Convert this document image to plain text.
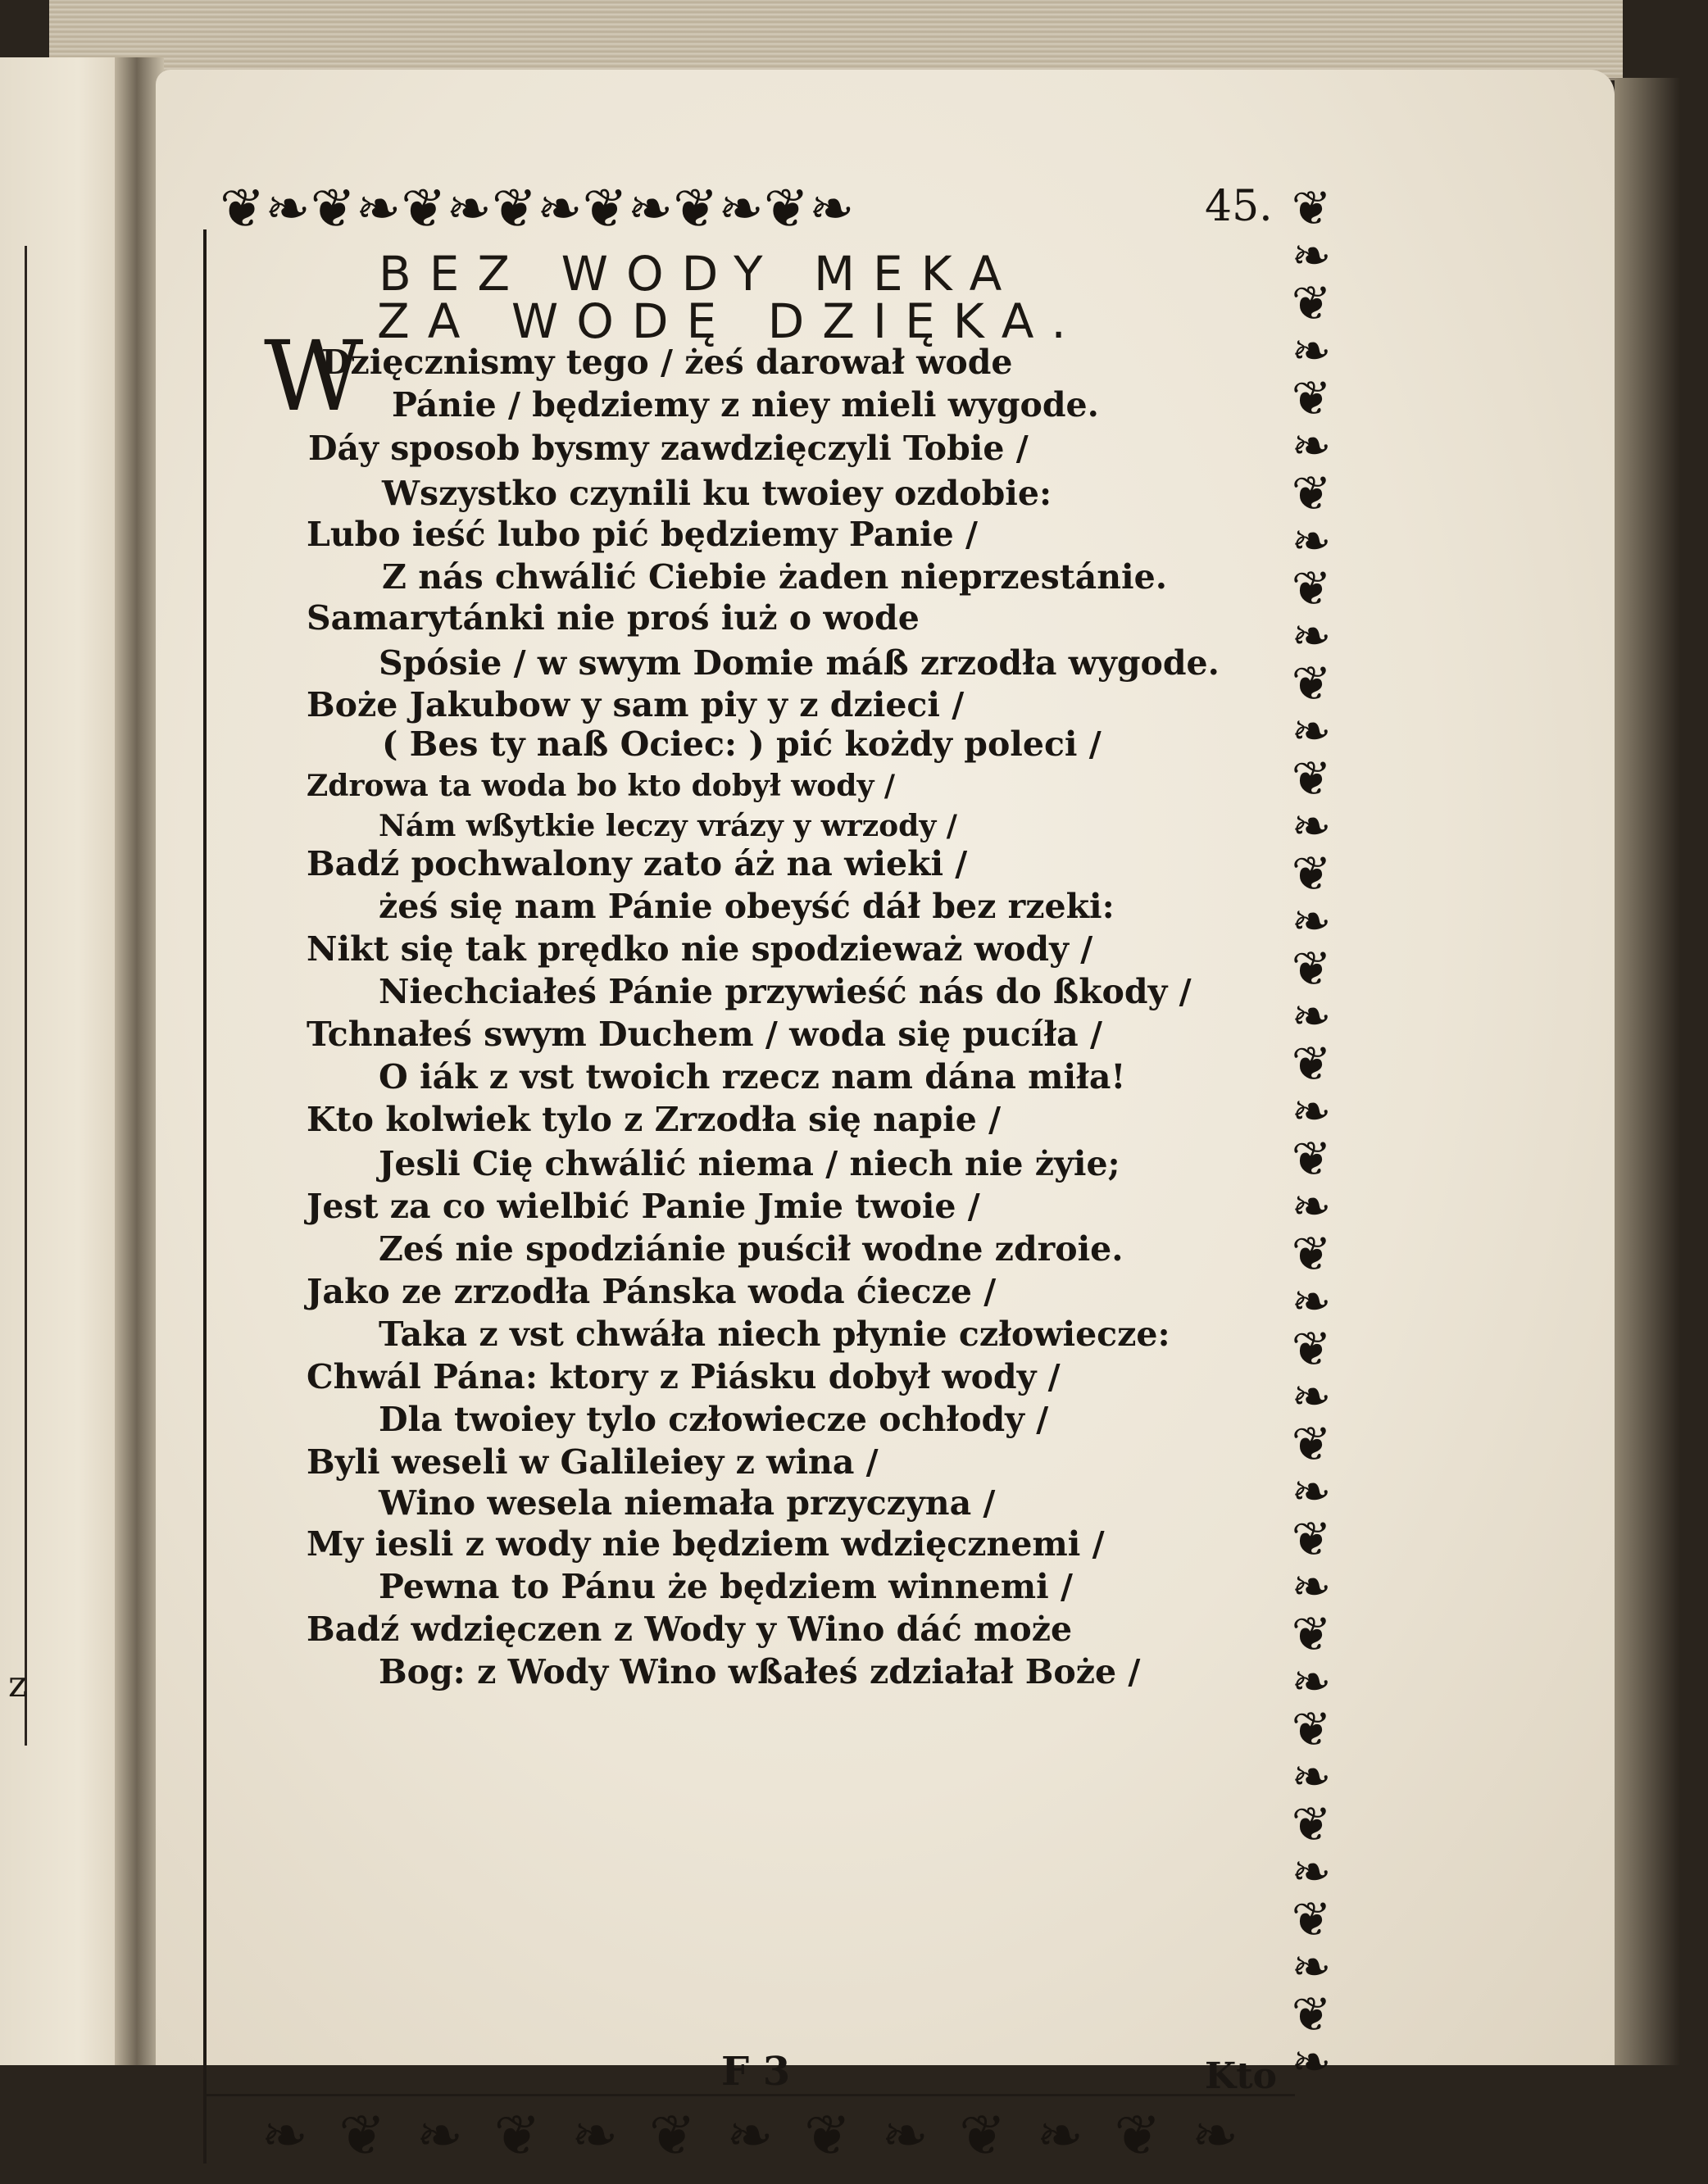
z
❦ ❧ ❦ ❧ ❦ ❧ ❦ ❧ ❦ ❧ ❦ ❧ ❦ ❧	❦
❧
❦
❧
❦
❧
❦
❧
❦
❧
❦
❧
❦
❧
❦
❧
❦
❧
❦
❧
❦
❧
❦
❧
❦
❧
❦
❧
❦
❧
❦
❧
❦
❧
❦
❧
❦
❧
❦
❧
❧ ❦ ❧ ❦ ❧ ❦ ❧ ❦ ❧ ❦ ❧ ❦ ❧
45.
BEZ WODY MEKA
ZA WODĘ DZIĘKA.
W
Dzięcznismy tego / żeś darował wode
Pánie / będziemy z niey mieli wygode.
Dáy sposob bysmy zawdzięczyli Tobie /
Wszystko czynili ku twoiey ozdobie:
Lubo ieść lubo pić będziemy Panie /
Z nás chwálić Ciebie żaden nieprzestánie.
Samarytánki nie proś iuż o wode
Spósie / w swym Domie máß zrzodła wygode.
Boże Jakubow y sam piy y z dzieci /
( Bes ty naß Ociec: ) pić kożdy poleci /
Zdrowa ta woda bo kto dobył wody /
Nám wßytkie leczy vrázy y wrzody /
Badź pochwalony zato áż na wieki /
żeś się nam Pánie obeyść dáł bez rzeki:
Nikt się tak prędko nie spodzieważ wody /
Niechciałeś Pánie przywieść nás do ßkody /
Tchnałeś swym Duchem / woda się pucíła /
O iák z vst twoich rzecz nam dána miła!
Kto kolwiek tylo z Zrzodła się napie /
Jesli Cię chwálić niema / niech nie żyie;
Jest za co wielbić Panie Jmie twoie /
Ześ nie spodziánie puścił wodne zdroie.
Jako ze zrzodła Pánska woda ćiecze /
Taka z vst chwáła niech płynie człowiecze:
Chwál Pána: ktory z Piásku dobył wody /
Dla twoiey tylo człowiecze ochłody /
Byli weseli w Galileiey z wina /
Wino wesela niemała przyczyna /
My iesli z wody nie będziem wdzięcznemi /
Pewna to Pánu że będziem winnemi /
Badź wdzięczen z Wody y Wino dáć może
Bog: z Wody Wino wßałeś zdziałał Boże /
F 3	Kto
